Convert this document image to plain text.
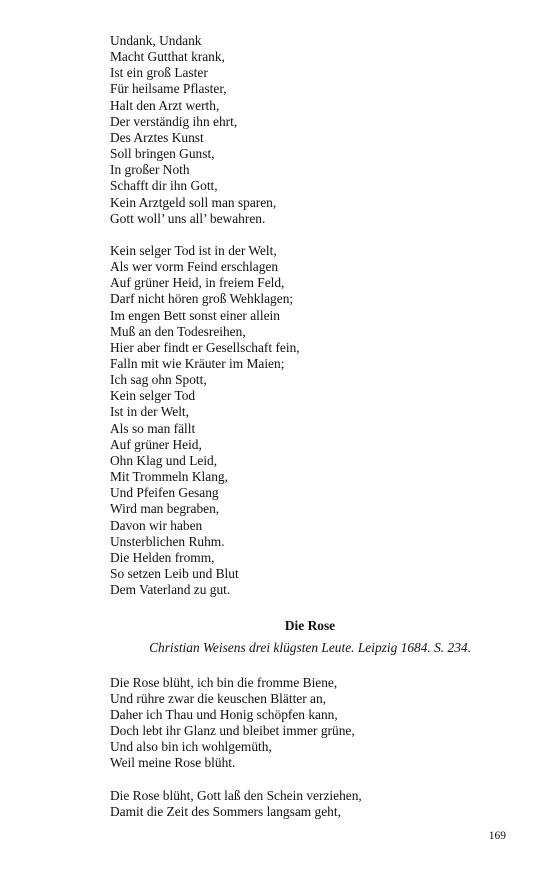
Undank, Undank
Macht Gutthat krank,
Ist ein groß Laster
Für heilsame Pflaster,
Halt den Arzt werth,
Der verständig ihn ehrt,
Des Arztes Kunst
Soll bringen Gunst,
In großer Noth
Schafft dir ihn Gott,
Kein Arztgeld soll man sparen,
Gott woll’ uns all’ bewahren.
Kein selger Tod ist in der Welt,
Als wer vorm Feind erschlagen
Auf grüner Heid, in freiem Feld,
Darf nicht hören groß Wehklagen;
Im engen Bett sonst einer allein
Muß an den Todesreihen,
Hier aber findt er Gesellschaft fein,
Falln mit wie Kräuter im Maien;
Ich sag ohn Spott,
Kein selger Tod
Ist in der Welt,
Als so man fällt
Auf grüner Heid,
Ohn Klag und Leid,
Mit Trommeln Klang,
Und Pfeifen Gesang
Wird man begraben,
Davon wir haben
Unsterblichen Ruhm.
Die Helden fromm,
So setzen Leib und Blut
Dem Vaterland zu gut.
Die Rose
Christian Weisens drei klügsten Leute. Leipzig 1684. S. 234.
Die Rose blüht, ich bin die fromme Biene,
Und rühre zwar die keuschen Blätter an,
Daher ich Thau und Honig schöpfen kann,
Doch lebt ihr Glanz und bleibet immer grüne,
Und also bin ich wohlgemüth,
Weil meine Rose blüht.
Die Rose blüht, Gott laß den Schein verziehen,
Damit die Zeit des Sommers langsam geht,
169
